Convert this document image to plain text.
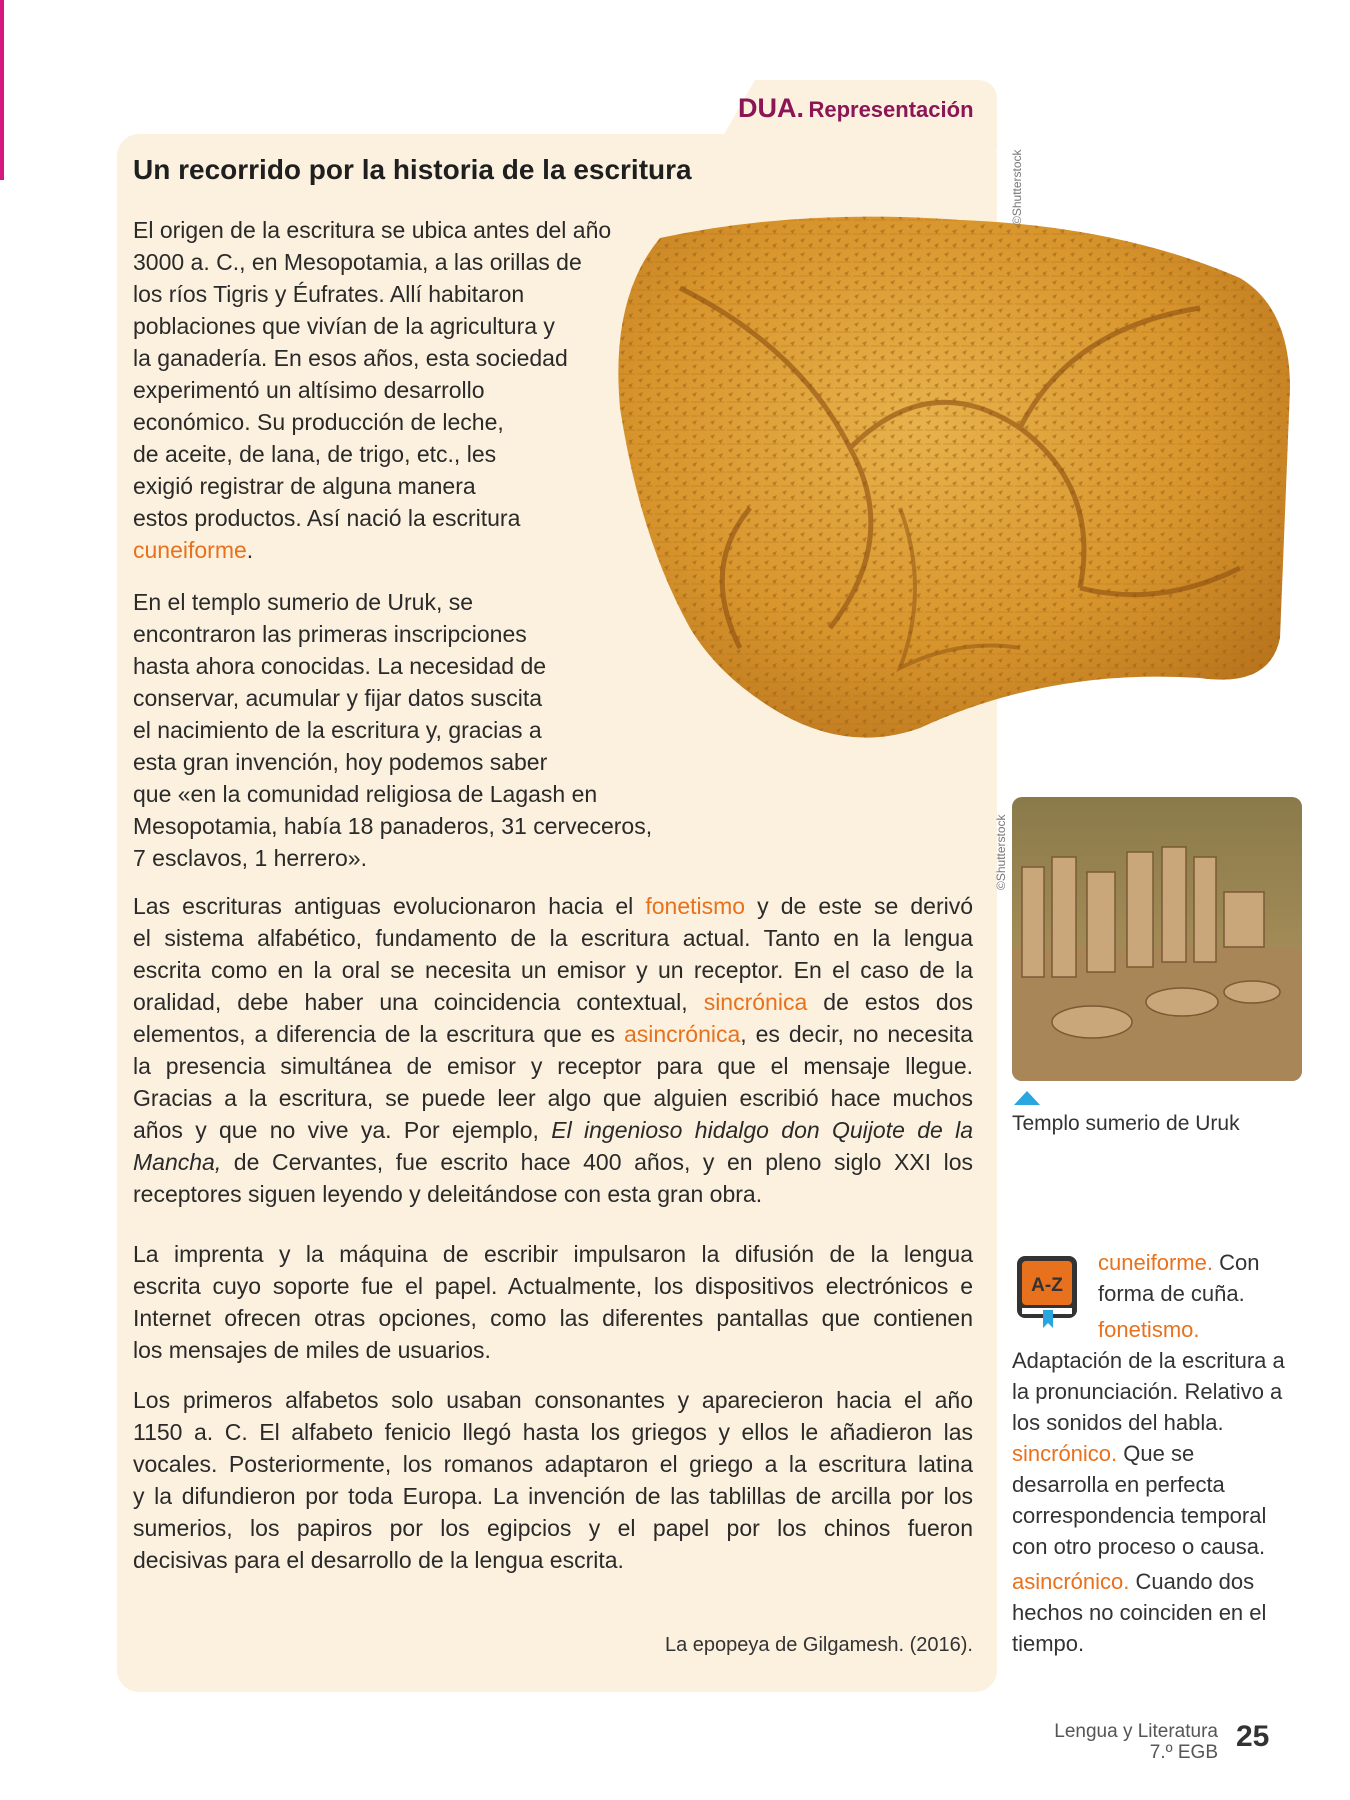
DUA. Representación
Un recorrido por la historia de la escritura	©Shutterstock
©Shutterstock
El origen de la escritura se ubica antes del año
3000 a. C., en Mesopotamia, a las orillas de
los ríos Tigris y Éufrates. Allí habitaron
poblaciones que vivían de la agricultura y
la ganadería. En esos años, esta sociedad
experimentó un altísimo desarrollo
económico. Su producción de leche,
de aceite, de lana, de trigo, etc., les
exigió registrar de alguna manera
estos productos. Así nació la escritura
cuneiforme.
En el templo sumerio de Uruk, se
encontraron las primeras inscripciones
hasta ahora conocidas. La necesidad de
conservar, acumular y fijar datos suscita
el nacimiento de la escritura y, gracias a
esta gran invención, hoy podemos saber
que «en la comunidad religiosa de Lagash en
Mesopotamia, había 18 panaderos, 31 cerveceros,
7 esclavos, 1 herrero».
Las escrituras antiguas evolucionaron hacia el fonetismo y de este se derivó
el sistema alfabético, fundamento de la escritura actual. Tanto en la lengua
escrita como en la oral se necesita un emisor y un receptor. En el caso de la
oralidad, debe haber una coincidencia contextual, sincrónica de estos dos
elementos, a diferencia de la escritura que es asincrónica, es decir, no necesita
la presencia simultánea de emisor y receptor para que el mensaje llegue.
Gracias a la escritura, se puede leer algo que alguien escribió hace muchos
años y que no vive ya. Por ejemplo, El ingenioso hidalgo don Quijote de la
Mancha, de Cervantes, fue escrito hace 400 años, y en pleno siglo XXI los
receptores siguen leyendo y deleitándose con esta gran obra.
La imprenta y la máquina de escribir impulsaron la difusión de la lengua
escrita cuyo soporte fue el papel. Actualmente, los dispositivos electrónicos e
Internet ofrecen otras opciones, como las diferentes pantallas que contienen
los mensajes de miles de usuarios.
Los primeros alfabetos solo usaban consonantes y aparecieron hacia el año
1150 a. C. El alfabeto fenicio llegó hasta los griegos y ellos le añadieron las
vocales. Posteriormente, los romanos adaptaron el griego a la escritura latina
y la difundieron por toda Europa. La invención de las tablillas de arcilla por los
sumerios, los papiros por los egipcios y el papel por los chinos fueron
decisivas para el desarrollo de la lengua escrita.
La epopeya de Gilgamesh. (2016).
Templo sumerio de Uruk
A-Z
cuneiforme. Con
forma de cuña.
fonetismo.
Adaptación de la escritura a
la pronunciación. Relativo a
los sonidos del habla.
sincrónico. Que se
desarrolla en perfecta
correspondencia temporal
con otro proceso o causa.
asincrónico. Cuando dos
hechos no coinciden en el
tiempo.
Lengua y Literatura
7.º EGB 25
